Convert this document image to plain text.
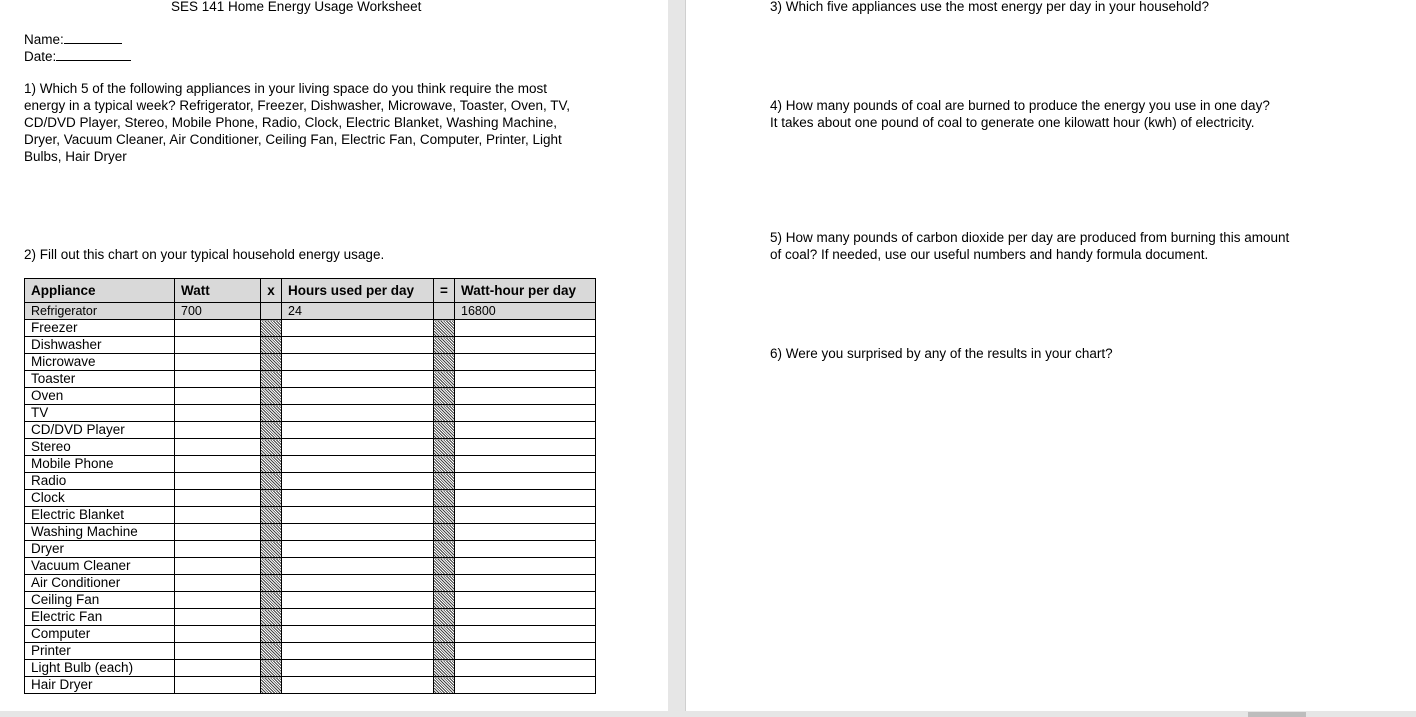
SES 141 Home Energy Usage Worksheet
Name:
Date:
1) Which 5 of the following appliances in your living space do you think require the most energy in a typical week? Refrigerator, Freezer, Dishwasher, Microwave, Toaster, Oven, TV, CD/DVD Player, Stereo, Mobile Phone, Radio, Clock, Electric Blanket, Washing Machine, Dryer, Vacuum Cleaner, Air Conditioner, Ceiling Fan, Electric Fan, Computer, Printer, Light Bulbs, Hair Dryer
2) Fill out this chart on your typical household energy usage.
Appliance	Watt	x	Hours used per day	=	Watt-hour per day
Refrigerator	700		24		16800
Freezer					
Dishwasher					
Microwave					
Toaster					
Oven					
TV					
CD/DVD Player					
Stereo					
Mobile Phone					
Radio					
Clock					
Electric Blanket					
Washing Machine					
Dryer					
Vacuum Cleaner					
Air Conditioner					
Ceiling Fan					
Electric Fan					
Computer					
Printer					
Light Bulb (each)					
Hair Dryer					
3) Which five appliances use the most energy per day in your household?
4) How many pounds of coal are burned to produce the energy you use in one day?
It takes about one pound of coal to generate one kilowatt hour (kwh) of electricity.
5) How many pounds of carbon dioxide per day are produced from burning this amount
of coal? If needed, use our useful numbers and handy formula document.
6) Were you surprised by any of the results in your chart?
